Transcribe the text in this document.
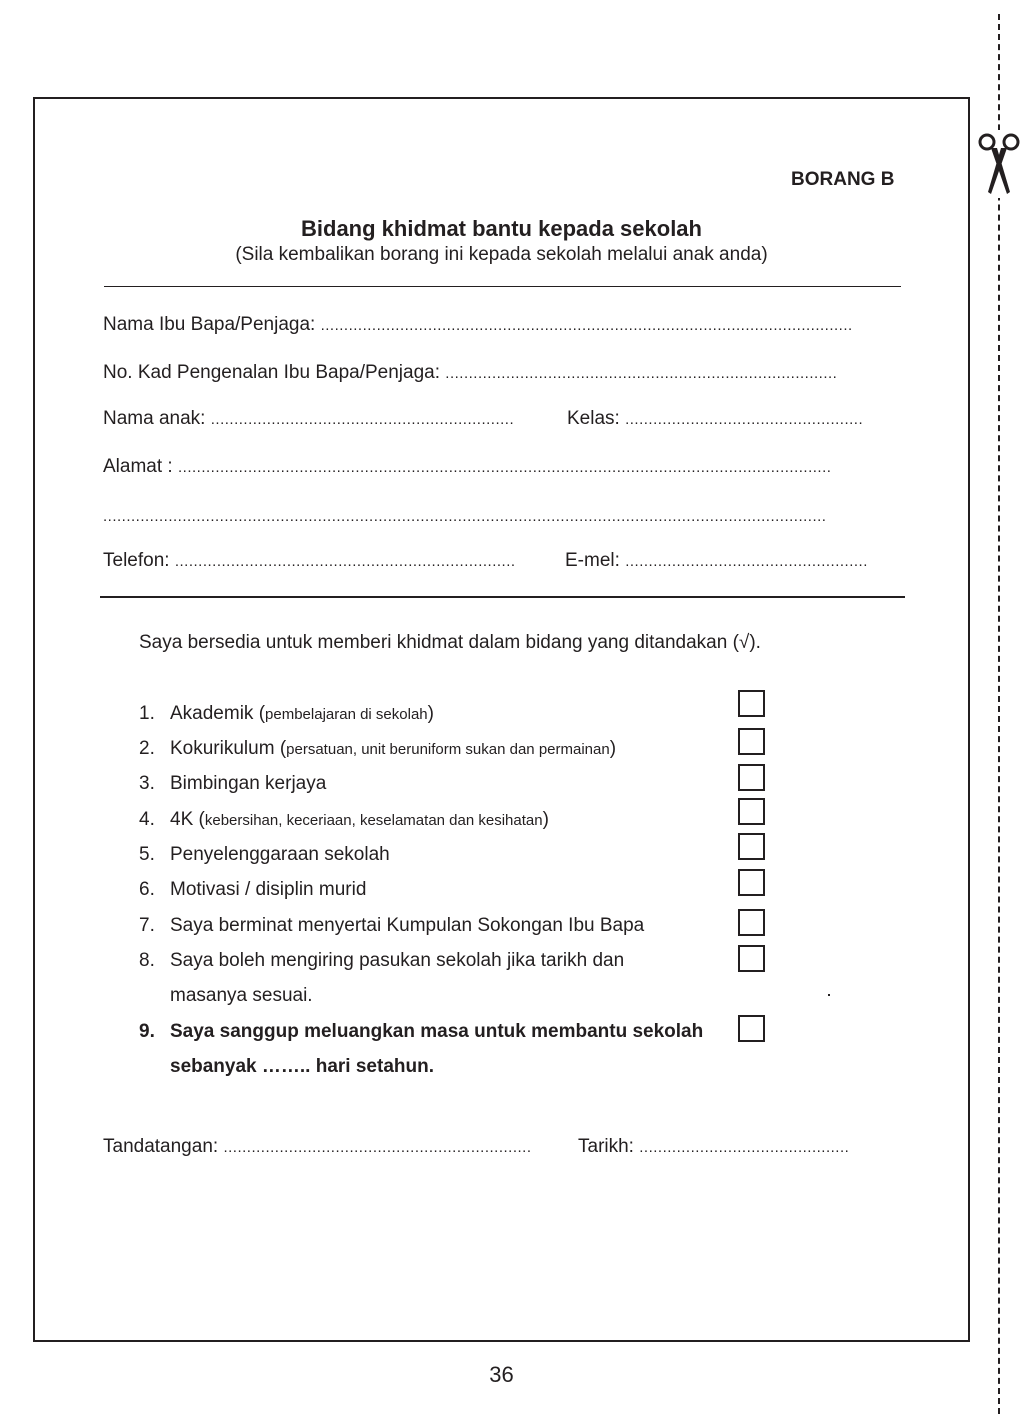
BORANG B
Bidang khidmat bantu kepada sekolah
(Sila kembalikan borang ini kepada sekolah melalui anak anda)
Nama Ibu Bapa/Penjaga: ..................................................................................................................
No. Kad Pengenalan Ibu Bapa/Penjaga: ....................................................................................
Nama anak: .................................................................	Kelas: ...................................................
Alamat : ............................................................................................................................................
...........................................................................................................................................................
Telefon: .........................................................................	E-mel: ....................................................
Saya bersedia untuk memberi khidmat dalam bidang yang ditandakan (√).
1. Akademik (pembelajaran di sekolah)
2. Kokurikulum (persatuan, unit beruniform sukan dan permainan)
3. Bimbingan kerjaya
4. 4K (kebersihan, keceriaan, keselamatan dan kesihatan)
5. Penyelenggaraan sekolah
6. Motivasi / disiplin murid
7. Saya berminat menyertai Kumpulan Sokongan Ibu Bapa
8. Saya boleh mengiring pasukan sekolah jika tarikh dan
masanya sesuai.
9. Saya sanggup meluangkan masa untuk membantu sekolah
sebanyak …….. hari setahun.
Tandatangan: .................................................................. Tarikh: .............................................
36
